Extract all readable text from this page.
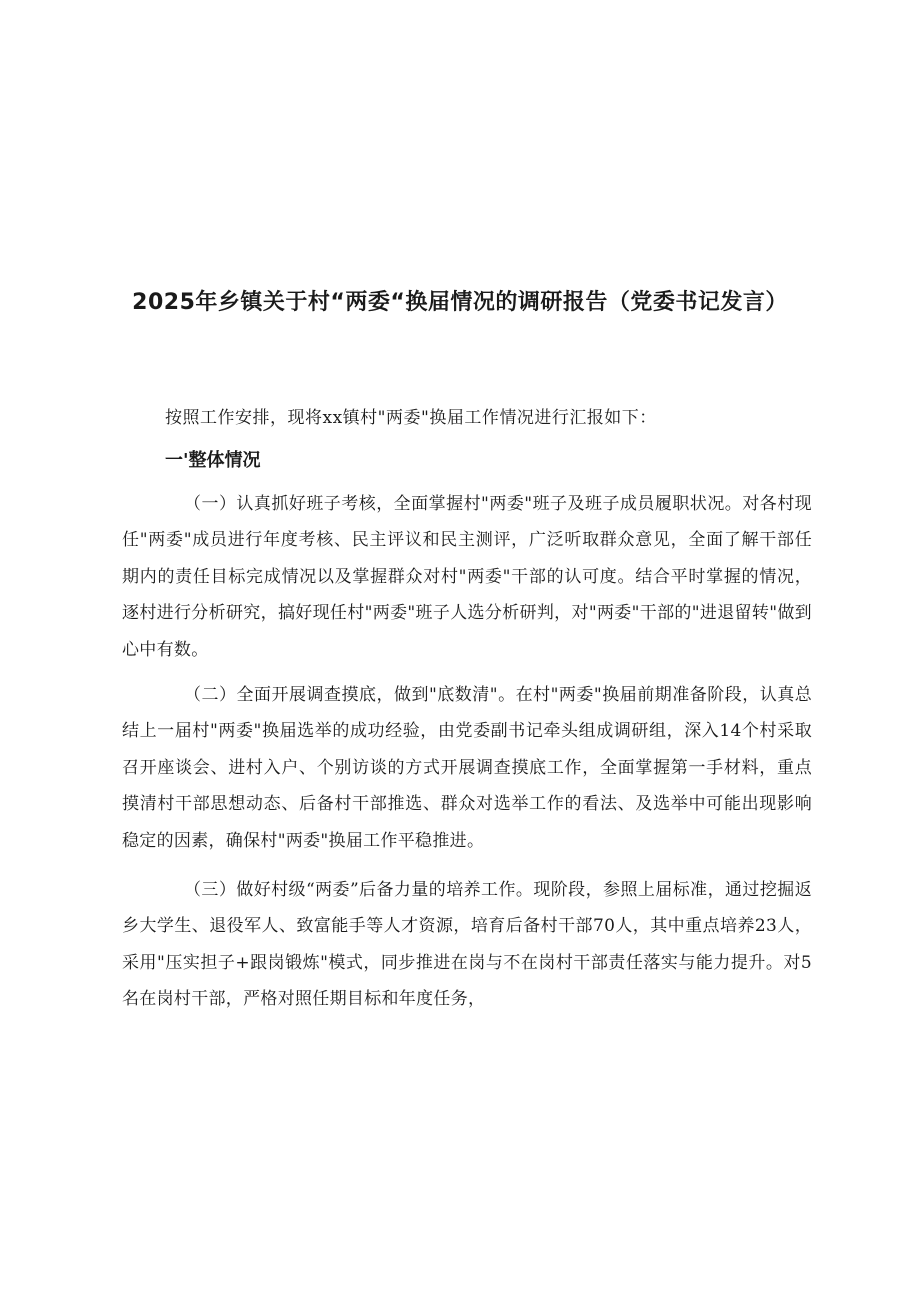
2025年乡镇关于村“两委“换届情况的调研报告（党委书记发言）

按照工作安排，现将xx镇村"两委"换届工作情况进行汇报如下：

一'整体情况

（一）认真抓好班子考核，全面掌握村"两委"班子及班子成员履职状况。对各村现任"两委"成员进行年度考核、民主评议和民主测评，广泛听取群众意见，全面了解干部任期内的责任目标完成情况以及掌握群众对村"两委"干部的认可度。结合平时掌握的情况，逐村进行分析研究，搞好现任村"两委"班子人选分析研判，对"两委"干部的"进退留转"做到心中有数。

（二）全面开展调查摸底，做到"底数清"。在村"两委"换届前期准备阶段，认真总结上一届村"两委"换届选举的成功经验，由党委副书记牵头组成调研组，深入14个村采取召开座谈会、进村入户、个别访谈的方式开展调查摸底工作，全面掌握第一手材料，重点摸清村干部思想动态、后备村干部推选、群众对选举工作的看法、及选举中可能出现影响稳定的因素，确保村"两委"换届工作平稳推进。

（三）做好村级“两委”后备力量的培养工作。现阶段，参照上届标准，通过挖掘返乡大学生、退役军人、致富能手等人才资源，培育后备村干部70人，其中重点培养23人，采用"压实担子+跟岗锻炼"模式，同步推进在岗与不在岗村干部责任落实与能力提升。对5名在岗村干部，严格对照任期目标和年度任务，
